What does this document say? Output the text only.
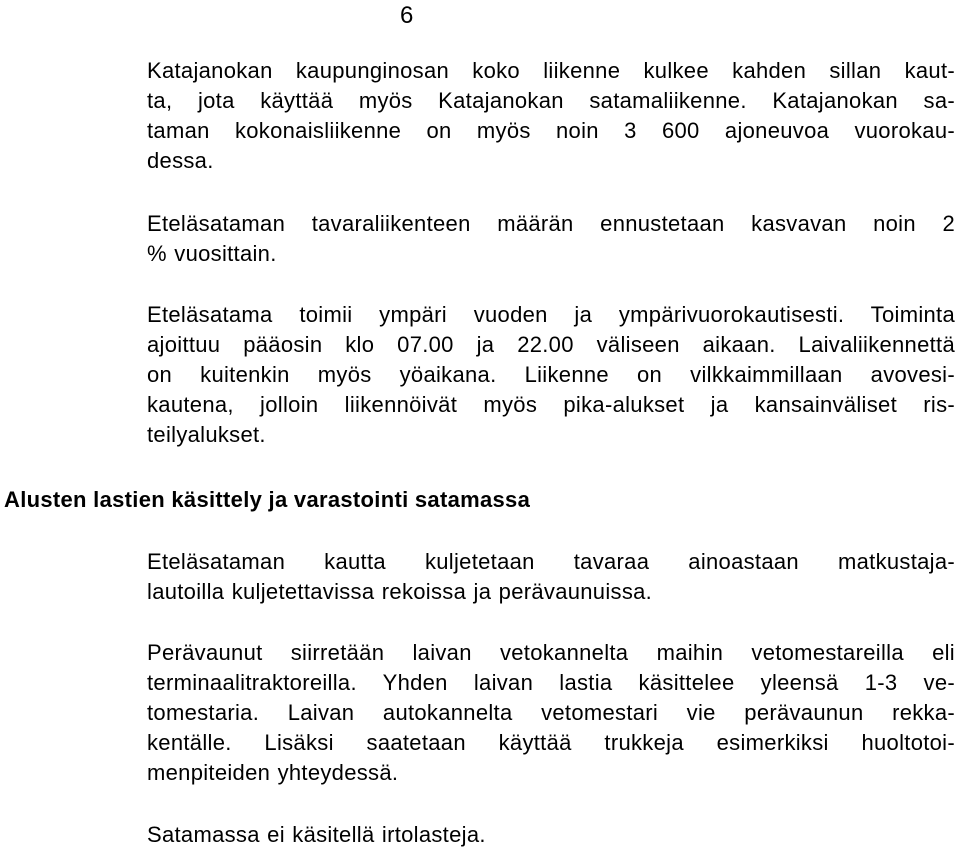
6
Katajanokan kaupunginosan koko liikenne kulkee kahden sillan kaut-
ta, jota käyttää myös Katajanokan satamaliikenne. Katajanokan sa-
taman kokonaisliikenne on myös noin 3 600 ajoneuvoa vuorokau-
dessa.
Eteläsataman tavaraliikenteen määrän ennustetaan kasvavan noin 2
% vuosittain.
Eteläsatama toimii ympäri vuoden ja ympärivuorokautisesti. Toiminta
ajoittuu pääosin klo 07.00 ja 22.00 väliseen aikaan. Laivaliikennettä
on kuitenkin myös yöaikana. Liikenne on vilkkaimmillaan avovesi-
kautena, jolloin liikennöivät myös pika-alukset ja kansainväliset ris-
teilyalukset.
Alusten lastien käsittely ja varastointi satamassa
Eteläsataman kautta kuljetetaan tavaraa ainoastaan matkustaja-
lautoilla kuljetettavissa rekoissa ja perävaunuissa.
Perävaunut siirretään laivan vetokannelta maihin vetomestareilla eli
terminaalitraktoreilla. Yhden laivan lastia käsittelee yleensä 1-3 ve-
tomestaria. Laivan autokannelta vetomestari vie perävaunun rekka-
kentälle. Lisäksi saatetaan käyttää trukkeja esimerkiksi huoltotoi-
menpiteiden yhteydessä.
Satamassa ei käsitellä irtolasteja.
